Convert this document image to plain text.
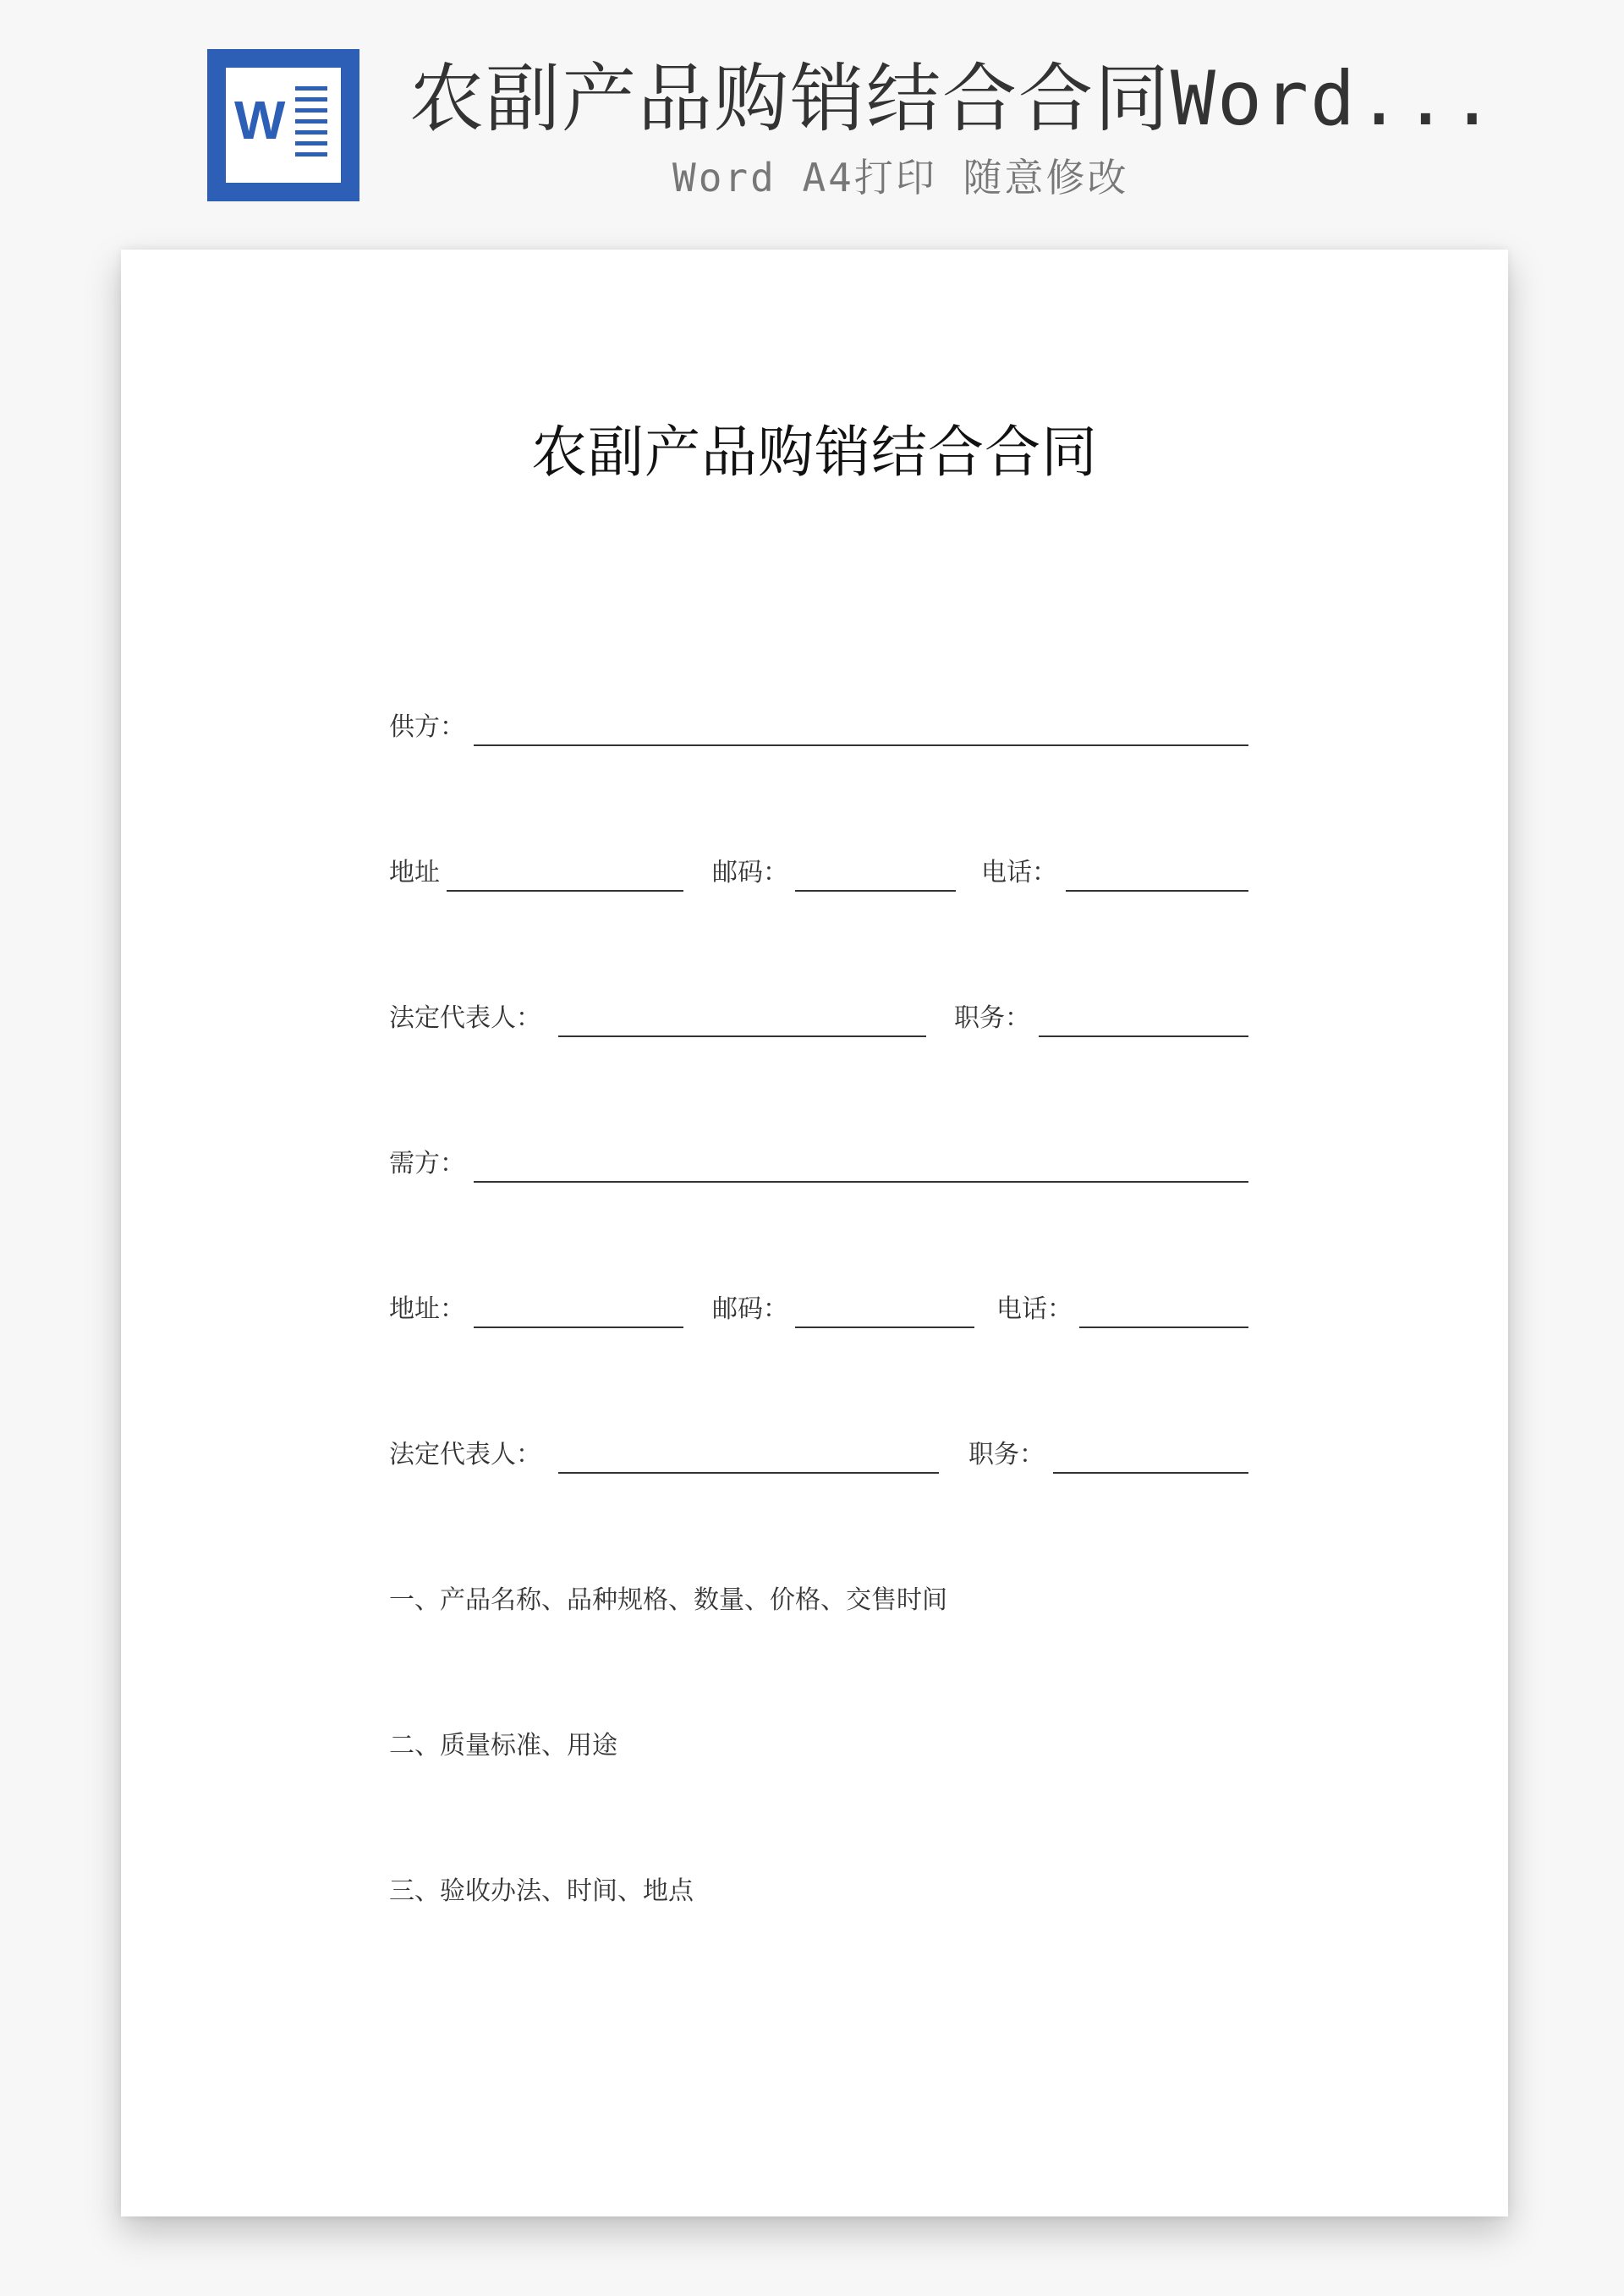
W 农副产品购销结合合同Word...
Word A4打印 随意修改
农副产品购销结合合同
供方：
地址	邮码：	电话：
法定代表人：	职务：
需方：
地址：	邮码：	电话：
法定代表人：	职务：
一、产品名称、品种规格、数量、价格、交售时间
二、质量标准、用途
三、验收办法、时间、地点
